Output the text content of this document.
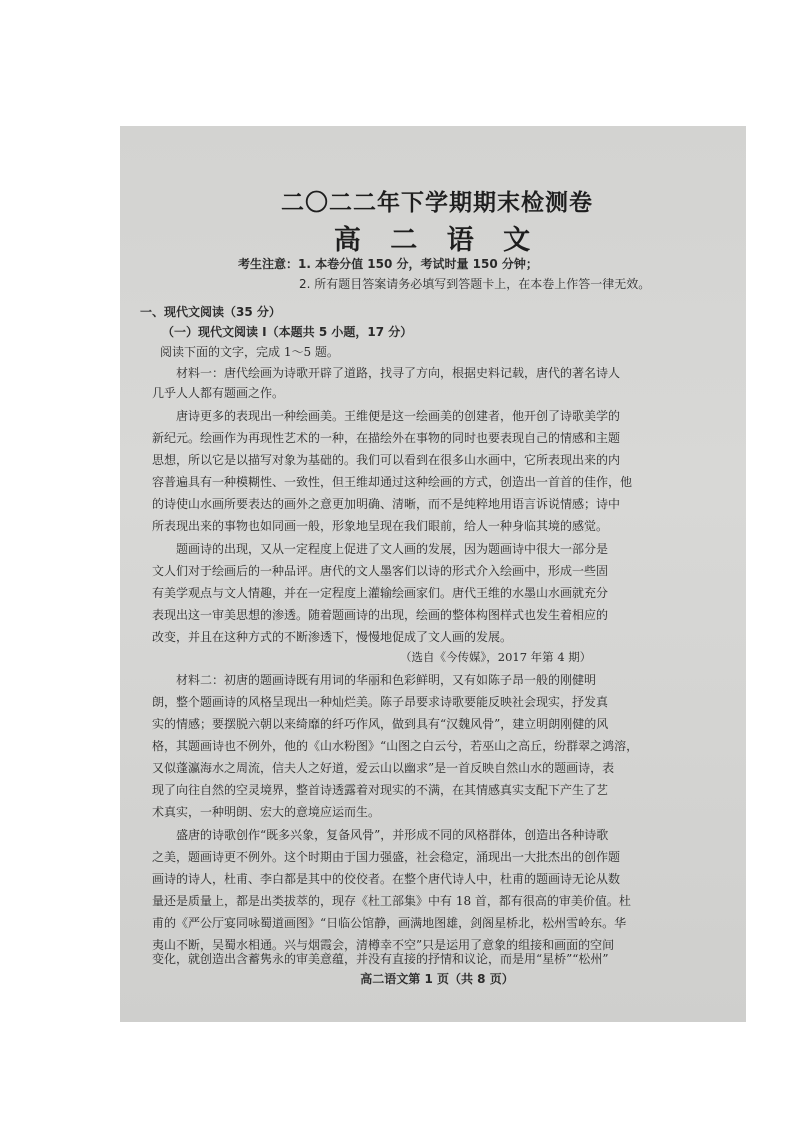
二〇二二年下学期期末检测卷
高 二 语 文
考生注意：1. 本卷分值 150 分，考试时量 150 分钟；
2. 所有题目答案请务必填写到答题卡上，在本卷上作答一律无效。
一、现代文阅读（35 分）
（一）现代文阅读 I（本题共 5 小题，17 分）
阅读下面的文字，完成 1～5 题。
材料一：唐代绘画为诗歌开辟了道路，找寻了方向，根据史料记载，唐代的著名诗人
几乎人人都有题画之作。
唐诗更多的表现出一种绘画美。王维便是这一绘画美的创建者，他开创了诗歌美学的
新纪元。绘画作为再现性艺术的一种，在描绘外在事物的同时也要表现自己的情感和主题
思想，所以它是以描写对象为基础的。我们可以看到在很多山水画中，它所表现出来的内
容普遍具有一种模糊性、一致性，但王维却通过这种绘画的方式，创造出一首首的佳作，他
的诗使山水画所要表达的画外之意更加明确、清晰，而不是纯粹地用语言诉说情感；诗中
所表现出来的事物也如同画一般，形象地呈现在我们眼前，给人一种身临其境的感觉。
题画诗的出现，又从一定程度上促进了文人画的发展，因为题画诗中很大一部分是
文人们对于绘画后的一种品评。唐代的文人墨客们以诗的形式介入绘画中，形成一些固
有美学观点与文人情趣，并在一定程度上灌输绘画家们。唐代王维的水墨山水画就充分
表现出这一审美思想的渗透。随着题画诗的出现，绘画的整体构图样式也发生着相应的
改变，并且在这种方式的不断渗透下，慢慢地促成了文人画的发展。
（选自《今传媒》，2017 年第 4 期）
材料二：初唐的题画诗既有用词的华丽和色彩鲜明，又有如陈子昂一般的刚健明
朗，整个题画诗的风格呈现出一种灿烂美。陈子昂要求诗歌要能反映社会现实，抒发真
实的情感；要摆脱六朝以来绮靡的纤巧作风，做到具有“汉魏风骨”，建立明朗刚健的风
格，其题画诗也不例外，他的《山水粉图》“山图之白云兮，若巫山之高丘，纷群翠之鸿溶，
又似蓬瀛海水之周流，信夫人之好道，爱云山以幽求”是一首反映自然山水的题画诗，表
现了向往自然的空灵境界，整首诗透露着对现实的不满，在其情感真实支配下产生了艺
术真实，一种明朗、宏大的意境应运而生。
盛唐的诗歌创作“既多兴象，复备风骨”，并形成不同的风格群体，创造出各种诗歌
之美，题画诗更不例外。这个时期由于国力强盛，社会稳定，涌现出一大批杰出的创作题
画诗的诗人，杜甫、李白都是其中的佼佼者。在整个唐代诗人中，杜甫的题画诗无论从数
量还是质量上，都是出类拔萃的，现存《杜工部集》中有 18 首，都有很高的审美价值。杜
甫的《严公厅宴同咏蜀道画图》“日临公馆静，画满地图雄，剑阁星桥北，松州雪岭东。华
夷山不断，吴蜀水相通。兴与烟霞会，清樽幸不空”只是运用了意象的组接和画面的空间
变化，就创造出含蓄隽永的审美意蕴，并没有直接的抒情和议论，而是用“星桥”“松州”
高二语文第 1 页（共 8 页）
